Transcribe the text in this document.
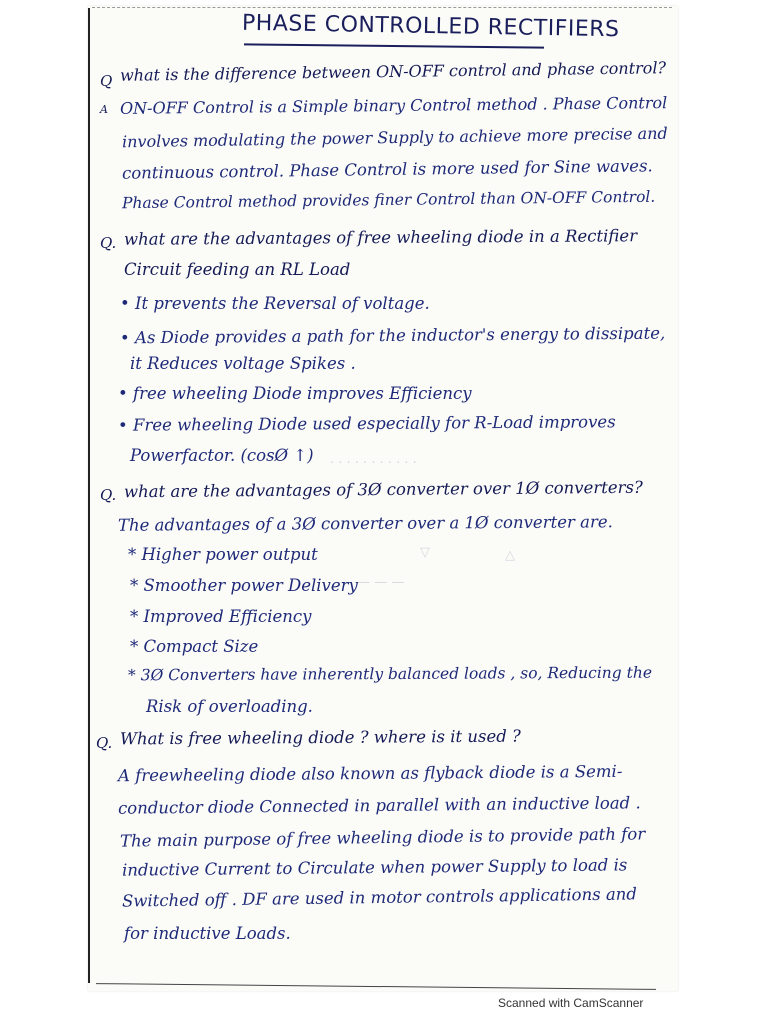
. . . . . . . . . . .
— — — —
▽	△
PHASE CONTROLLED RECTIFIERS
Q what is the difference between ON-OFF control and phase control?
A ON-OFF Control is a Simple binary Control method . Phase Control
involves modulating the power Supply to achieve more precise and
continuous control. Phase Control is more used for Sine waves.
Phase Control method provides finer Control than ON-OFF Control.
Q. what are the advantages of free wheeling diode in a Rectifier
Circuit feeding an RL Load
• It prevents the Reversal of voltage.
• As Diode provides a path for the inductor's energy to dissipate,
it Reduces voltage Spikes .
• free wheeling Diode improves Efficiency
• Free wheeling Diode used especially for R-Load improves
Powerfactor. (cosØ ↑)
Q. what are the advantages of 3Ø converter over 1Ø converters?
The advantages of a 3Ø converter over a 1Ø converter are.
* Higher power output
* Smoother power Delivery
* Improved Efficiency
* Compact Size
* 3Ø Converters have inherently balanced loads , so, Reducing the
Risk of overloading.
Q. What is free wheeling diode ? where is it used ?
A freewheeling diode also known as flyback diode is a Semi-
conductor diode Connected in parallel with an inductive load .
The main purpose of free wheeling diode is to provide path for
inductive Current to Circulate when power Supply to load is
Switched off . DF are used in motor controls applications and
for inductive Loads.
Scanned with CamScanner
